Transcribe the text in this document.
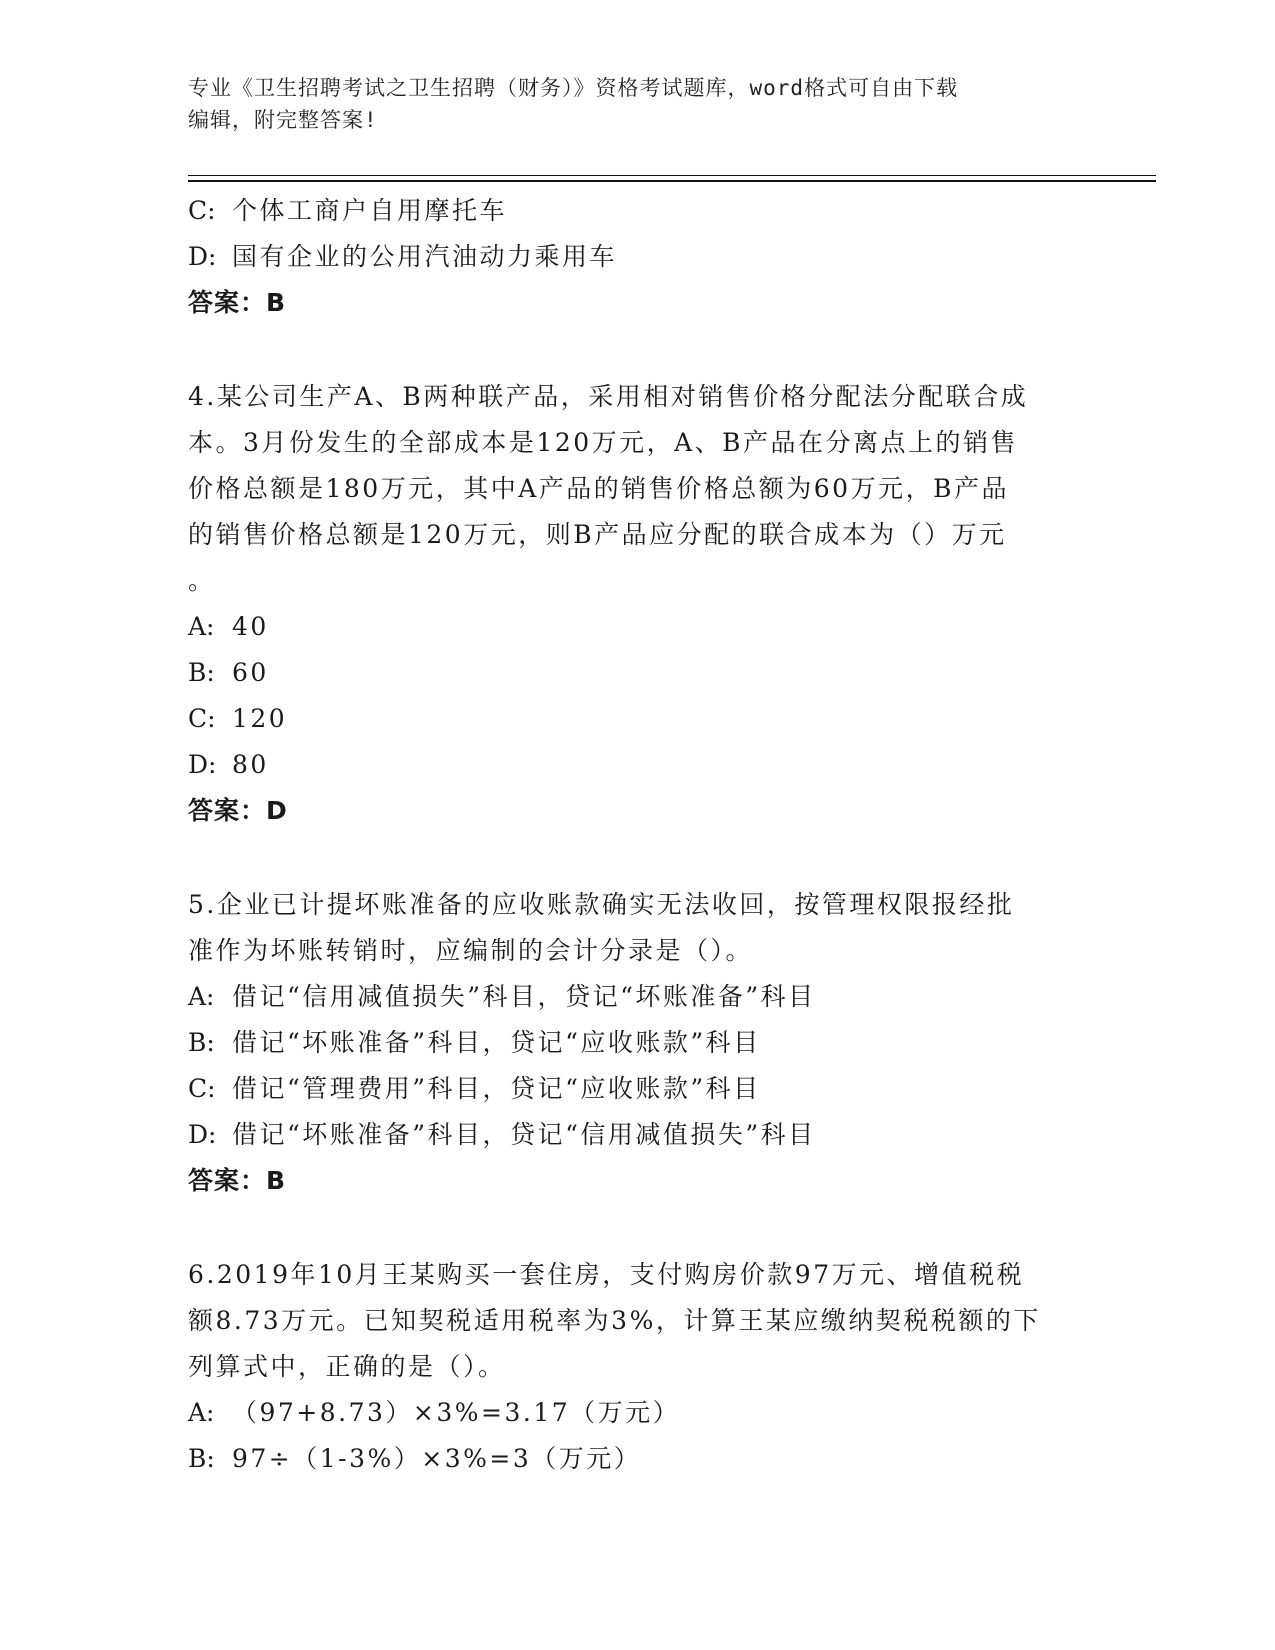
专业《卫生招聘考试之卫生招聘（财务）》资格考试题库，word格式可自由下载
编辑，附完整答案!
C: 个体工商户自用摩托车
D: 国有企业的公用汽油动力乘用车
答案：B
4.某公司生产A、B两种联产品，采用相对销售价格分配法分配联合成
本。3月份发生的全部成本是120万元，A、B产品在分离点上的销售
价格总额是180万元，其中A产品的销售价格总额为60万元，B产品
的销售价格总额是120万元，则B产品应分配的联合成本为（）万元
。
A: 40
B: 60
C: 120
D: 80
答案：D
5.企业已计提坏账准备的应收账款确实无法收回，按管理权限报经批
准作为坏账转销时，应编制的会计分录是（）。
A: 借记“信用减值损失”科目，贷记“坏账准备”科目
B: 借记“坏账准备”科目，贷记“应收账款”科目
C: 借记“管理费用”科目，贷记“应收账款”科目
D: 借记“坏账准备”科目，贷记“信用减值损失”科目
答案：B
6.2019年10月王某购买一套住房，支付购房价款97万元、增值税税
额8.73万元。已知契税适用税率为3%，计算王某应缴纳契税税额的下
列算式中，正确的是（）。
A: （97+8.73）×3%=3.17（万元）
B: 97÷（1-3%）×3%=3（万元）
